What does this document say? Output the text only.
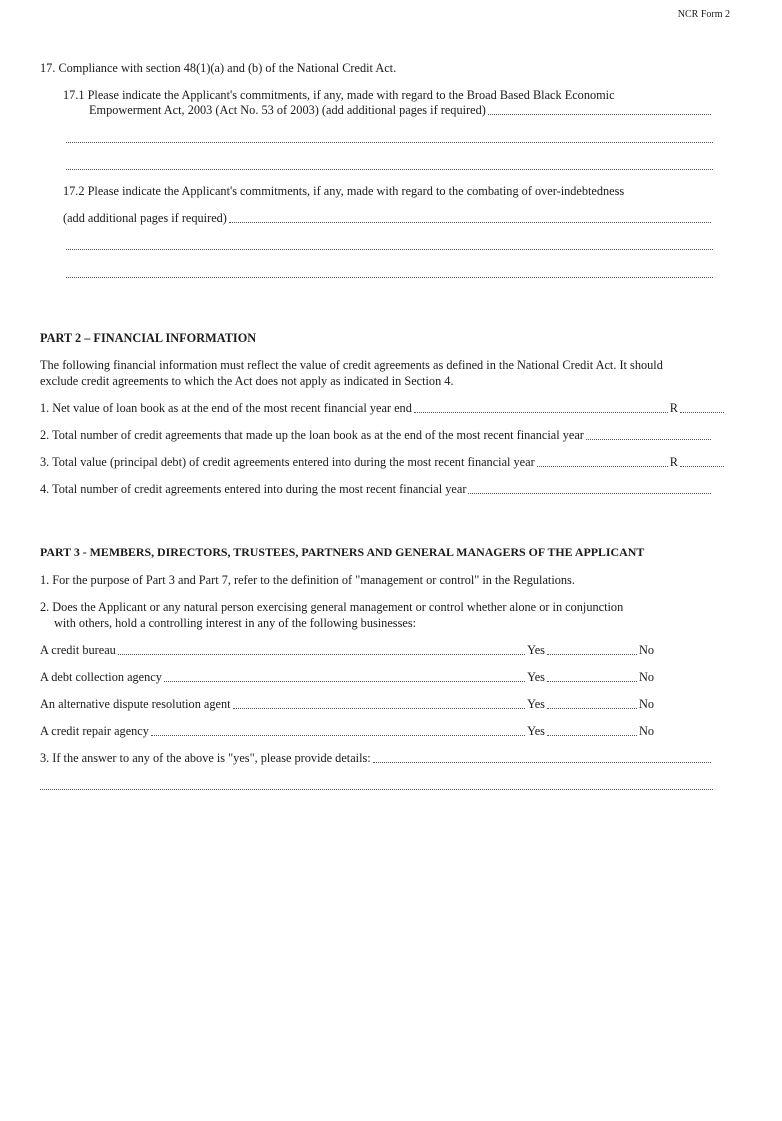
NCR Form 2
17. Compliance with section 48(1)(a) and (b) of the National Credit Act.
17.1 Please indicate the Applicant's commitments, if any, made with regard to the Broad Based Black Economic
Empowerment Act, 2003 (Act No. 53 of 2003) (add additional pages if required)
17.2 Please indicate the Applicant's commitments, if any, made with regard to the combating of over-indebtedness
(add additional pages if required)
PART 2 – FINANCIAL INFORMATION
The following financial information must reflect the value of credit agreements as defined in the National Credit Act. It should
exclude credit agreements to which the Act does not apply as indicated in Section 4.
1. Net value of loan book as at the end of the most recent financial year end	R
2. Total number of credit agreements that made up the loan book as at the end of the most recent financial year
3. Total value (principal debt) of credit agreements entered into during the most recent financial year	R
4. Total number of credit agreements entered into during the most recent financial year
PART 3 - MEMBERS, DIRECTORS, TRUSTEES, PARTNERS AND GENERAL MANAGERS OF THE APPLICANT
1. For the purpose of Part 3 and Part 7, refer to the definition of "management or control" in the Regulations.
2. Does the Applicant or any natural person exercising general management or control whether alone or in conjunction
with others, hold a controlling interest in any of the following businesses:
A credit bureau	Yes	No
A debt collection agency	Yes	No
An alternative dispute resolution agent	Yes	No
A credit repair agency	Yes	No
3. If the answer to any of the above is "yes", please provide details:
